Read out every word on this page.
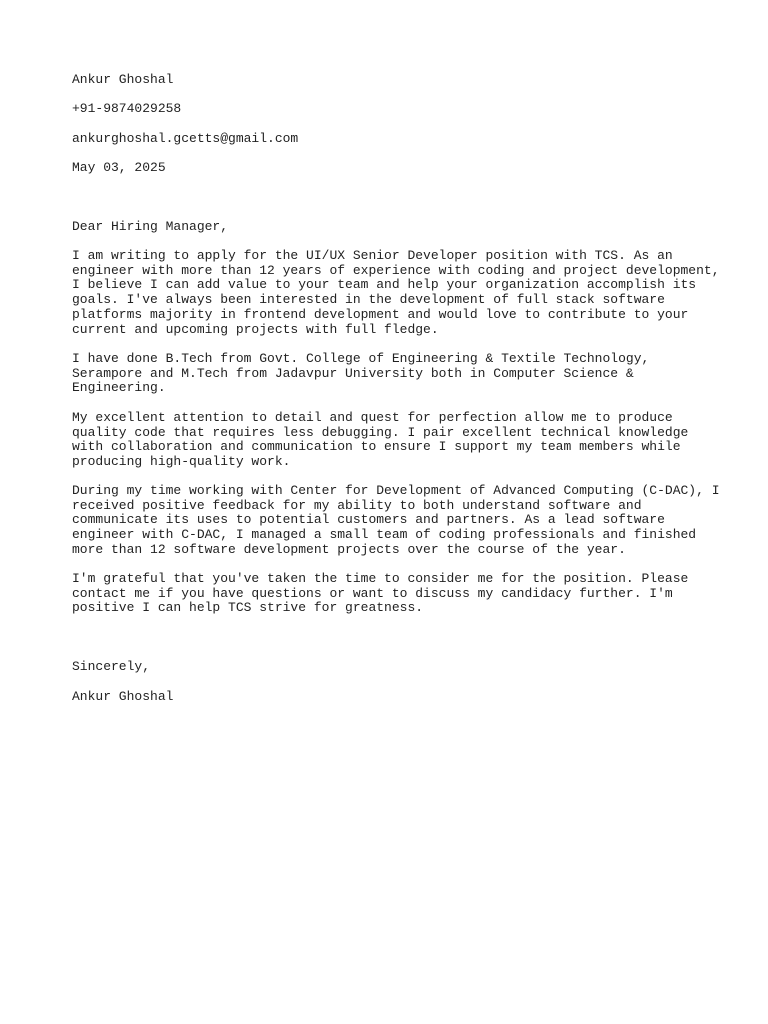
Ankur Ghoshal
+91-9874029258
ankurghoshal.gcetts@gmail.com
May 03, 2025
Dear Hiring Manager,
I am writing to apply for the UI/UX Senior Developer position with TCS. As an
engineer with more than 12 years of experience with coding and project development,
I believe I can add value to your team and help your organization accomplish its
goals. I've always been interested in the development of full stack software
platforms majority in frontend development and would love to contribute to your
current and upcoming projects with full fledge.
I have done B.Tech from Govt. College of Engineering & Textile Technology,
Serampore and M.Tech from Jadavpur University both in Computer Science &
Engineering.
My excellent attention to detail and quest for perfection allow me to produce
quality code that requires less debugging. I pair excellent technical knowledge
with collaboration and communication to ensure I support my team members while
producing high-quality work.
During my time working with Center for Development of Advanced Computing (C-DAC), I
received positive feedback for my ability to both understand software and
communicate its uses to potential customers and partners. As a lead software
engineer with C-DAC, I managed a small team of coding professionals and finished
more than 12 software development projects over the course of the year.
I'm grateful that you've taken the time to consider me for the position. Please
contact me if you have questions or want to discuss my candidacy further. I'm
positive I can help TCS strive for greatness.
Sincerely,
Ankur Ghoshal
